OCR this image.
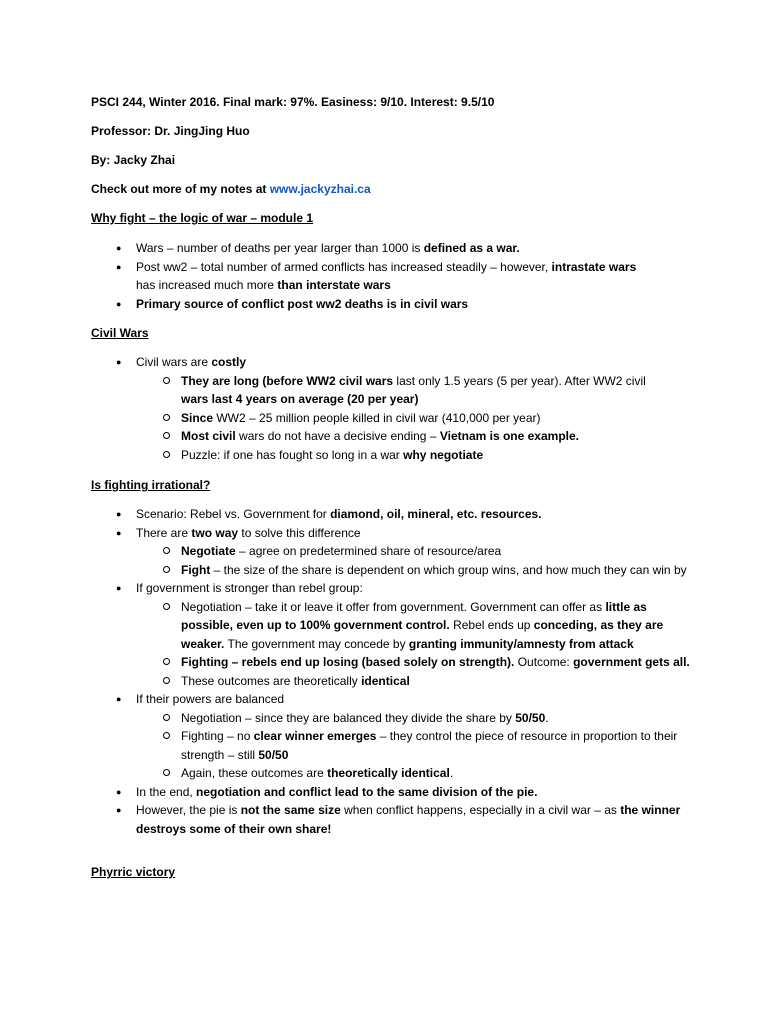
PSCI 244, Winter 2016. Final mark: 97%. Easiness: 9/10. Interest: 9.5/10
Professor: Dr. JingJing Huo
By: Jacky Zhai
Check out more of my notes at www.jackyzhai.ca
Why fight – the logic of war – module 1
● Wars – number of deaths per year larger than 1000 is defined as a war.
● Post ww2 – total number of armed conflicts has increased steadily – however, intrastate wars
has increased much more than interstate wars
● Primary source of conflict post ww2 deaths is in civil wars
Civil Wars
● Civil wars are costly
They are long (before WW2 civil wars last only 1.5 years (5 per year). After WW2 civil
wars last 4 years on average (20 per year)
Since WW2 – 25 million people killed in civil war (410,000 per year)
Most civil wars do not have a decisive ending – Vietnam is one example.
Puzzle: if one has fought so long in a war why negotiate
Is fighting irrational?
● Scenario: Rebel vs. Government for diamond, oil, mineral, etc. resources.
● There are two way to solve this difference
Negotiate – agree on predetermined share of resource/area
Fight – the size of the share is dependent on which group wins, and how much they can win by
● If government is stronger than rebel group:
Negotiation – take it or leave it offer from government. Government can offer as little as possible, even up to 100% government control. Rebel ends up conceding, as they are weaker. The government may concede by granting immunity/amnesty from attack
Fighting – rebels end up losing (based solely on strength). Outcome: government gets all.
These outcomes are theoretically identical
● If their powers are balanced
Negotiation – since they are balanced they divide the share by 50/50.
Fighting – no clear winner emerges – they control the piece of resource in proportion to their strength – still 50/50
Again, these outcomes are theoretically identical.
● In the end, negotiation and conflict lead to the same division of the pie.
● However, the pie is not the same size when conflict happens, especially in a civil war – as the winner destroys some of their own share!
Phyrric victory
